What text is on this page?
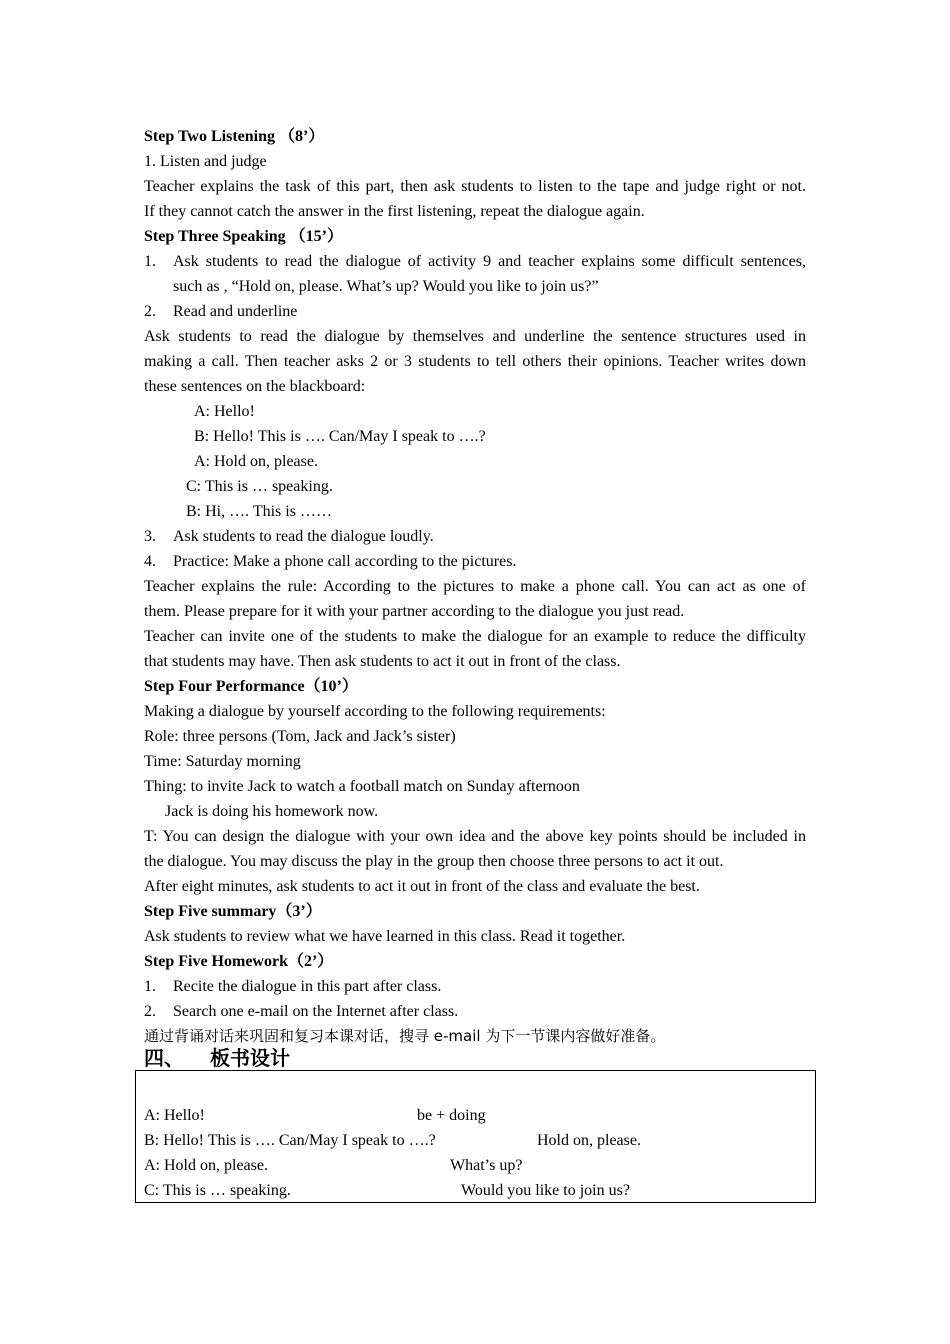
Step Two Listening （8’）
1. Listen and judge
Teacher explains the task of this part, then ask students to listen to the tape and judge right or not.
If they cannot catch the answer in the first listening, repeat the dialogue again.
Step Three Speaking （15’）
1. Ask students to read the dialogue of activity 9 and teacher explains some difficult sentences,
such as , “Hold on, please. What’s up? Would you like to join us?”
2. Read and underline
Ask students to read the dialogue by themselves and underline the sentence structures used in
making a call. Then teacher asks 2 or 3 students to tell others their opinions. Teacher writes down
these sentences on the blackboard:
A: Hello!
B: Hello! This is …. Can/May I speak to ….?
A: Hold on, please.
C: This is … speaking.
B: Hi, …. This is ……
3. Ask students to read the dialogue loudly.
4. Practice: Make a phone call according to the pictures.
Teacher explains the rule: According to the pictures to make a phone call. You can act as one of
them. Please prepare for it with your partner according to the dialogue you just read.
Teacher can invite one of the students to make the dialogue for an example to reduce the difficulty
that students may have. Then ask students to act it out in front of the class.
Step Four Performance（10’）
Making a dialogue by yourself according to the following requirements:
Role: three persons (Tom, Jack and Jack’s sister)
Time: Saturday morning
Thing: to invite Jack to watch a football match on Sunday afternoon
Jack is doing his homework now.
T: You can design the dialogue with your own idea and the above key points should be included in
the dialogue. You may discuss the play in the group then choose three persons to act it out.
After eight minutes, ask students to act it out in front of the class and evaluate the best.
Step Five summary（3’）
Ask students to review what we have learned in this class. Read it together.
Step Five Homework（2’）
1. Recite the dialogue in this part after class.
2. Search one e-mail on the Internet after class.
通过背诵对话来巩固和复习本课对话，搜寻 e-mail 为下一节课内容做好准备。
四、 板书设计
A: Hello!
B: Hello! This is …. Can/May I speak to ….?
A: Hold on, please.
C: This is … speaking.
be + doing
Hold on, please.
What’s up?
Would you like to join us?
